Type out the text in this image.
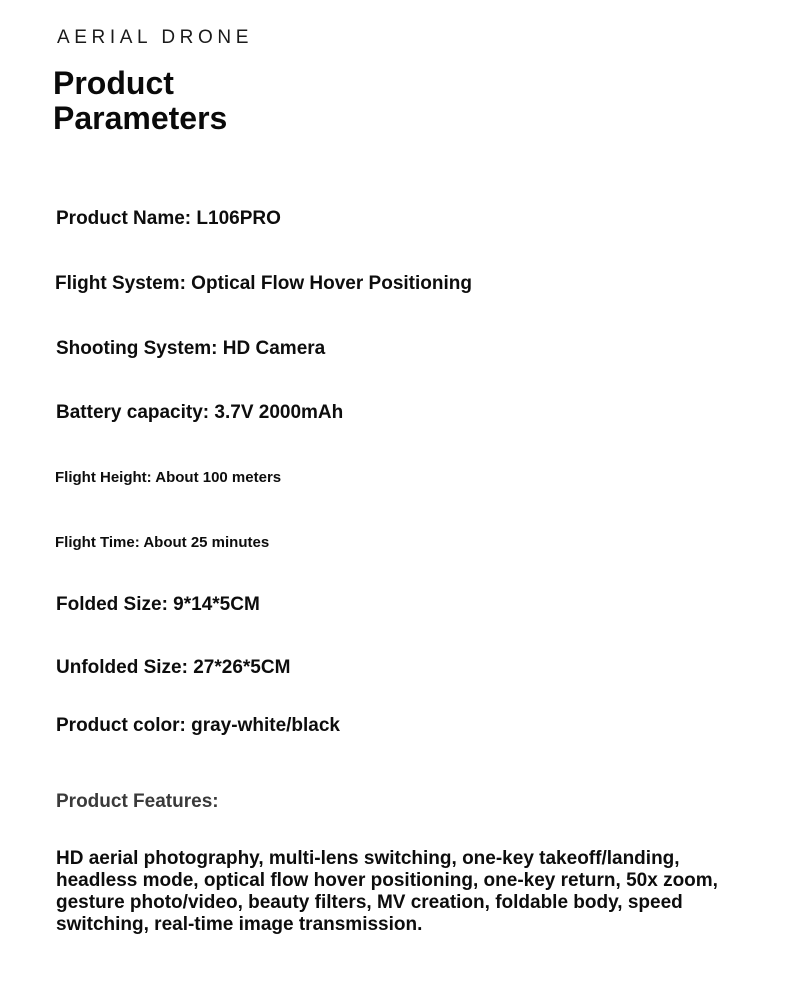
AERIAL DRONE
Product
Parameters
Product Name: L106PRO
Flight System: Optical Flow Hover Positioning
Shooting System: HD Camera
Battery capacity: 3.7V 2000mAh
Flight Height: About 100 meters
Flight Time: About 25 minutes
Folded Size: 9*14*5CM
Unfolded Size: 27*26*5CM
Product color: gray-white/black
Product Features:
HD aerial photography, multi-lens switching, one-key takeoff/landing, headless mode, optical flow hover positioning, one-key return, 50x zoom, gesture photo/video, beauty filters, MV creation, foldable body, speed switching, real-time image transmission.
